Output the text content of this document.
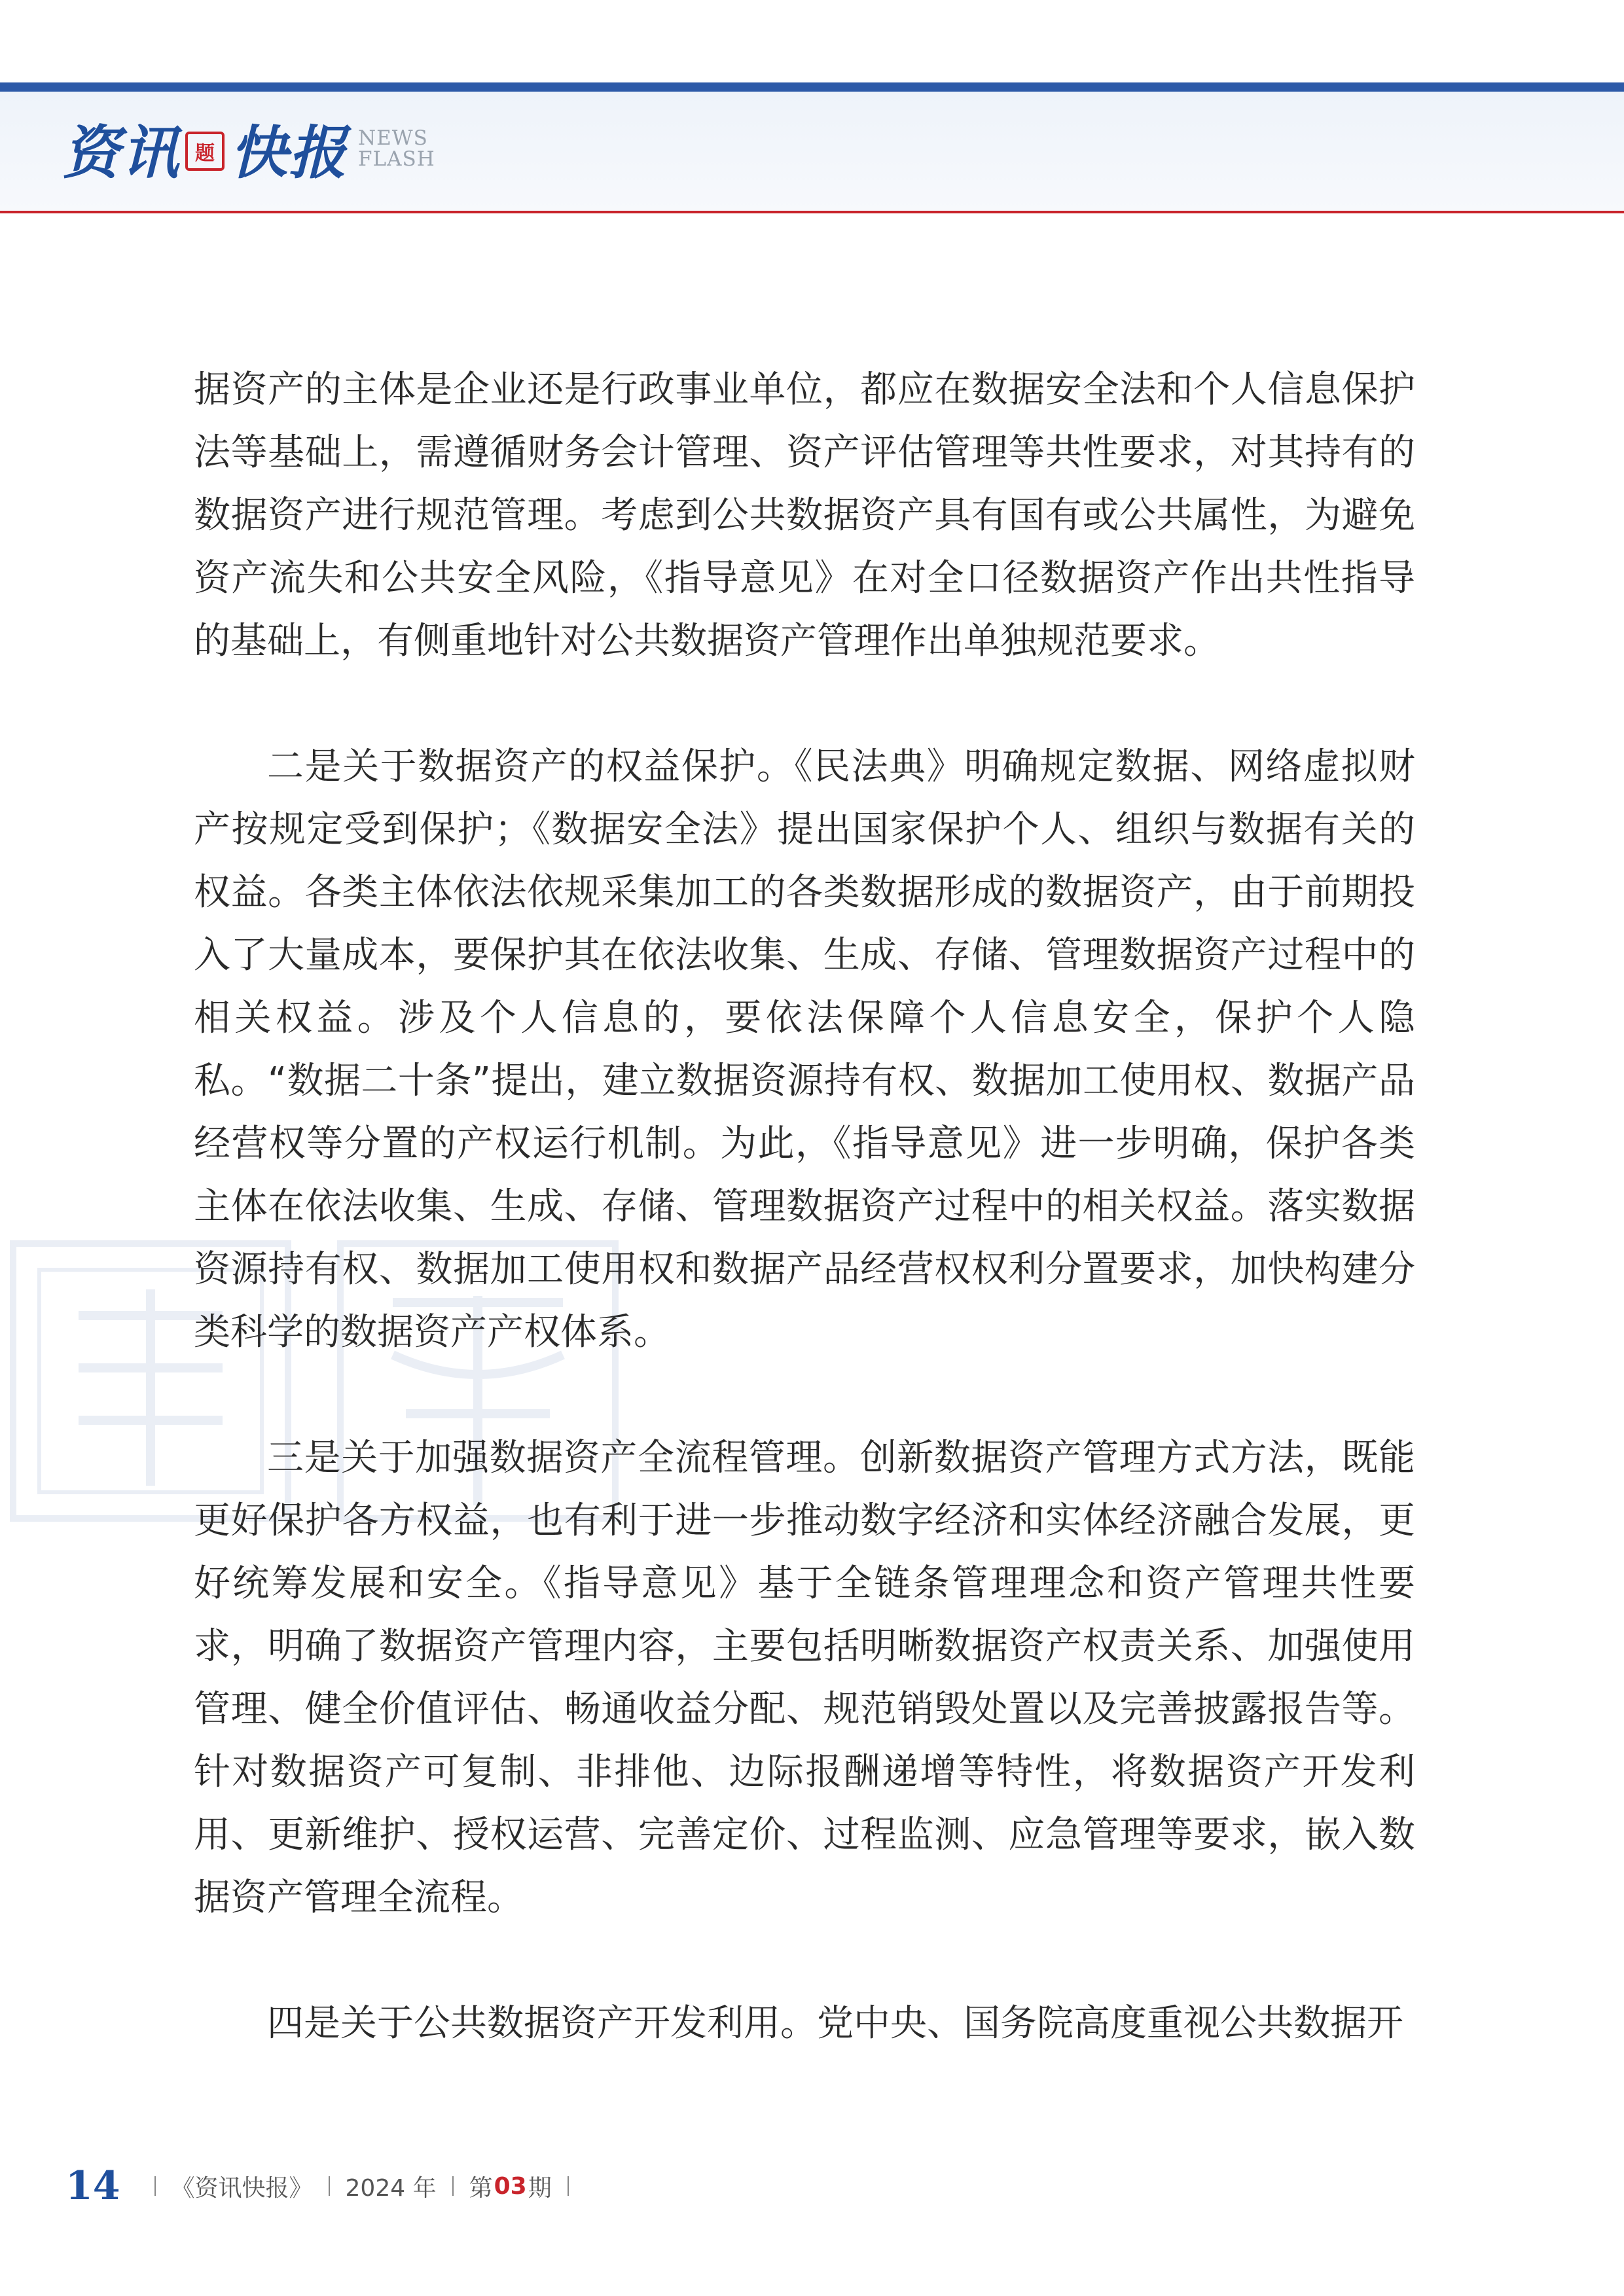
资讯 题 快报 NEWS
FLASH

据资产的主体是企业还是行政事业单位，都应在数据安全法和个人信息保护法等基础上，需遵循财务会计管理、资产评估管理等共性要求，对其持有的数据资产进行规范管理。考虑到公共数据资产具有国有或公共属性，为避免资产流失和公共安全风险，《指导意见》在对全口径数据资产作出共性指导的基础上，有侧重地针对公共数据资产管理作出单独规范要求。

二是关于数据资产的权益保护。《民法典》明确规定数据、网络虚拟财产按规定受到保护；《数据安全法》提出国家保护个人、组织与数据有关的权益。各类主体依法依规采集加工的各类数据形成的数据资产，由于前期投入了大量成本，要保护其在依法收集、生成、存储、管理数据资产过程中的相关权益。涉及个人信息的，要依法保障个人信息安全，保护个人隐私。“数据二十条”提出，建立数据资源持有权、数据加工使用权、数据产品经营权等分置的产权运行机制。为此，《指导意见》进一步明确，保护各类主体在依法收集、生成、存储、管理数据资产过程中的相关权益。落实数据资源持有权、数据加工使用权和数据产品经营权权利分置要求，加快构建分类科学的数据资产产权体系。

三是关于加强数据资产全流程管理。创新数据资产管理方式方法，既能更好保护各方权益，也有利于进一步推动数字经济和实体经济融合发展，更好统筹发展和安全。《指导意见》基于全链条管理理念和资产管理共性要求，明确了数据资产管理内容，主要包括明晰数据资产权责关系、加强使用管理、健全价值评估、畅通收益分配、规范销毁处置以及完善披露报告等。针对数据资产可复制、非排他、边际报酬递增等特性，将数据资产开发利用、更新维护、授权运营、完善定价、过程监测、应急管理等要求，嵌入数据资产管理全流程。

四是关于公共数据资产开发利用。党中央、国务院高度重视公共数据开

14 《资讯快报》 2024 年 第 03 期
